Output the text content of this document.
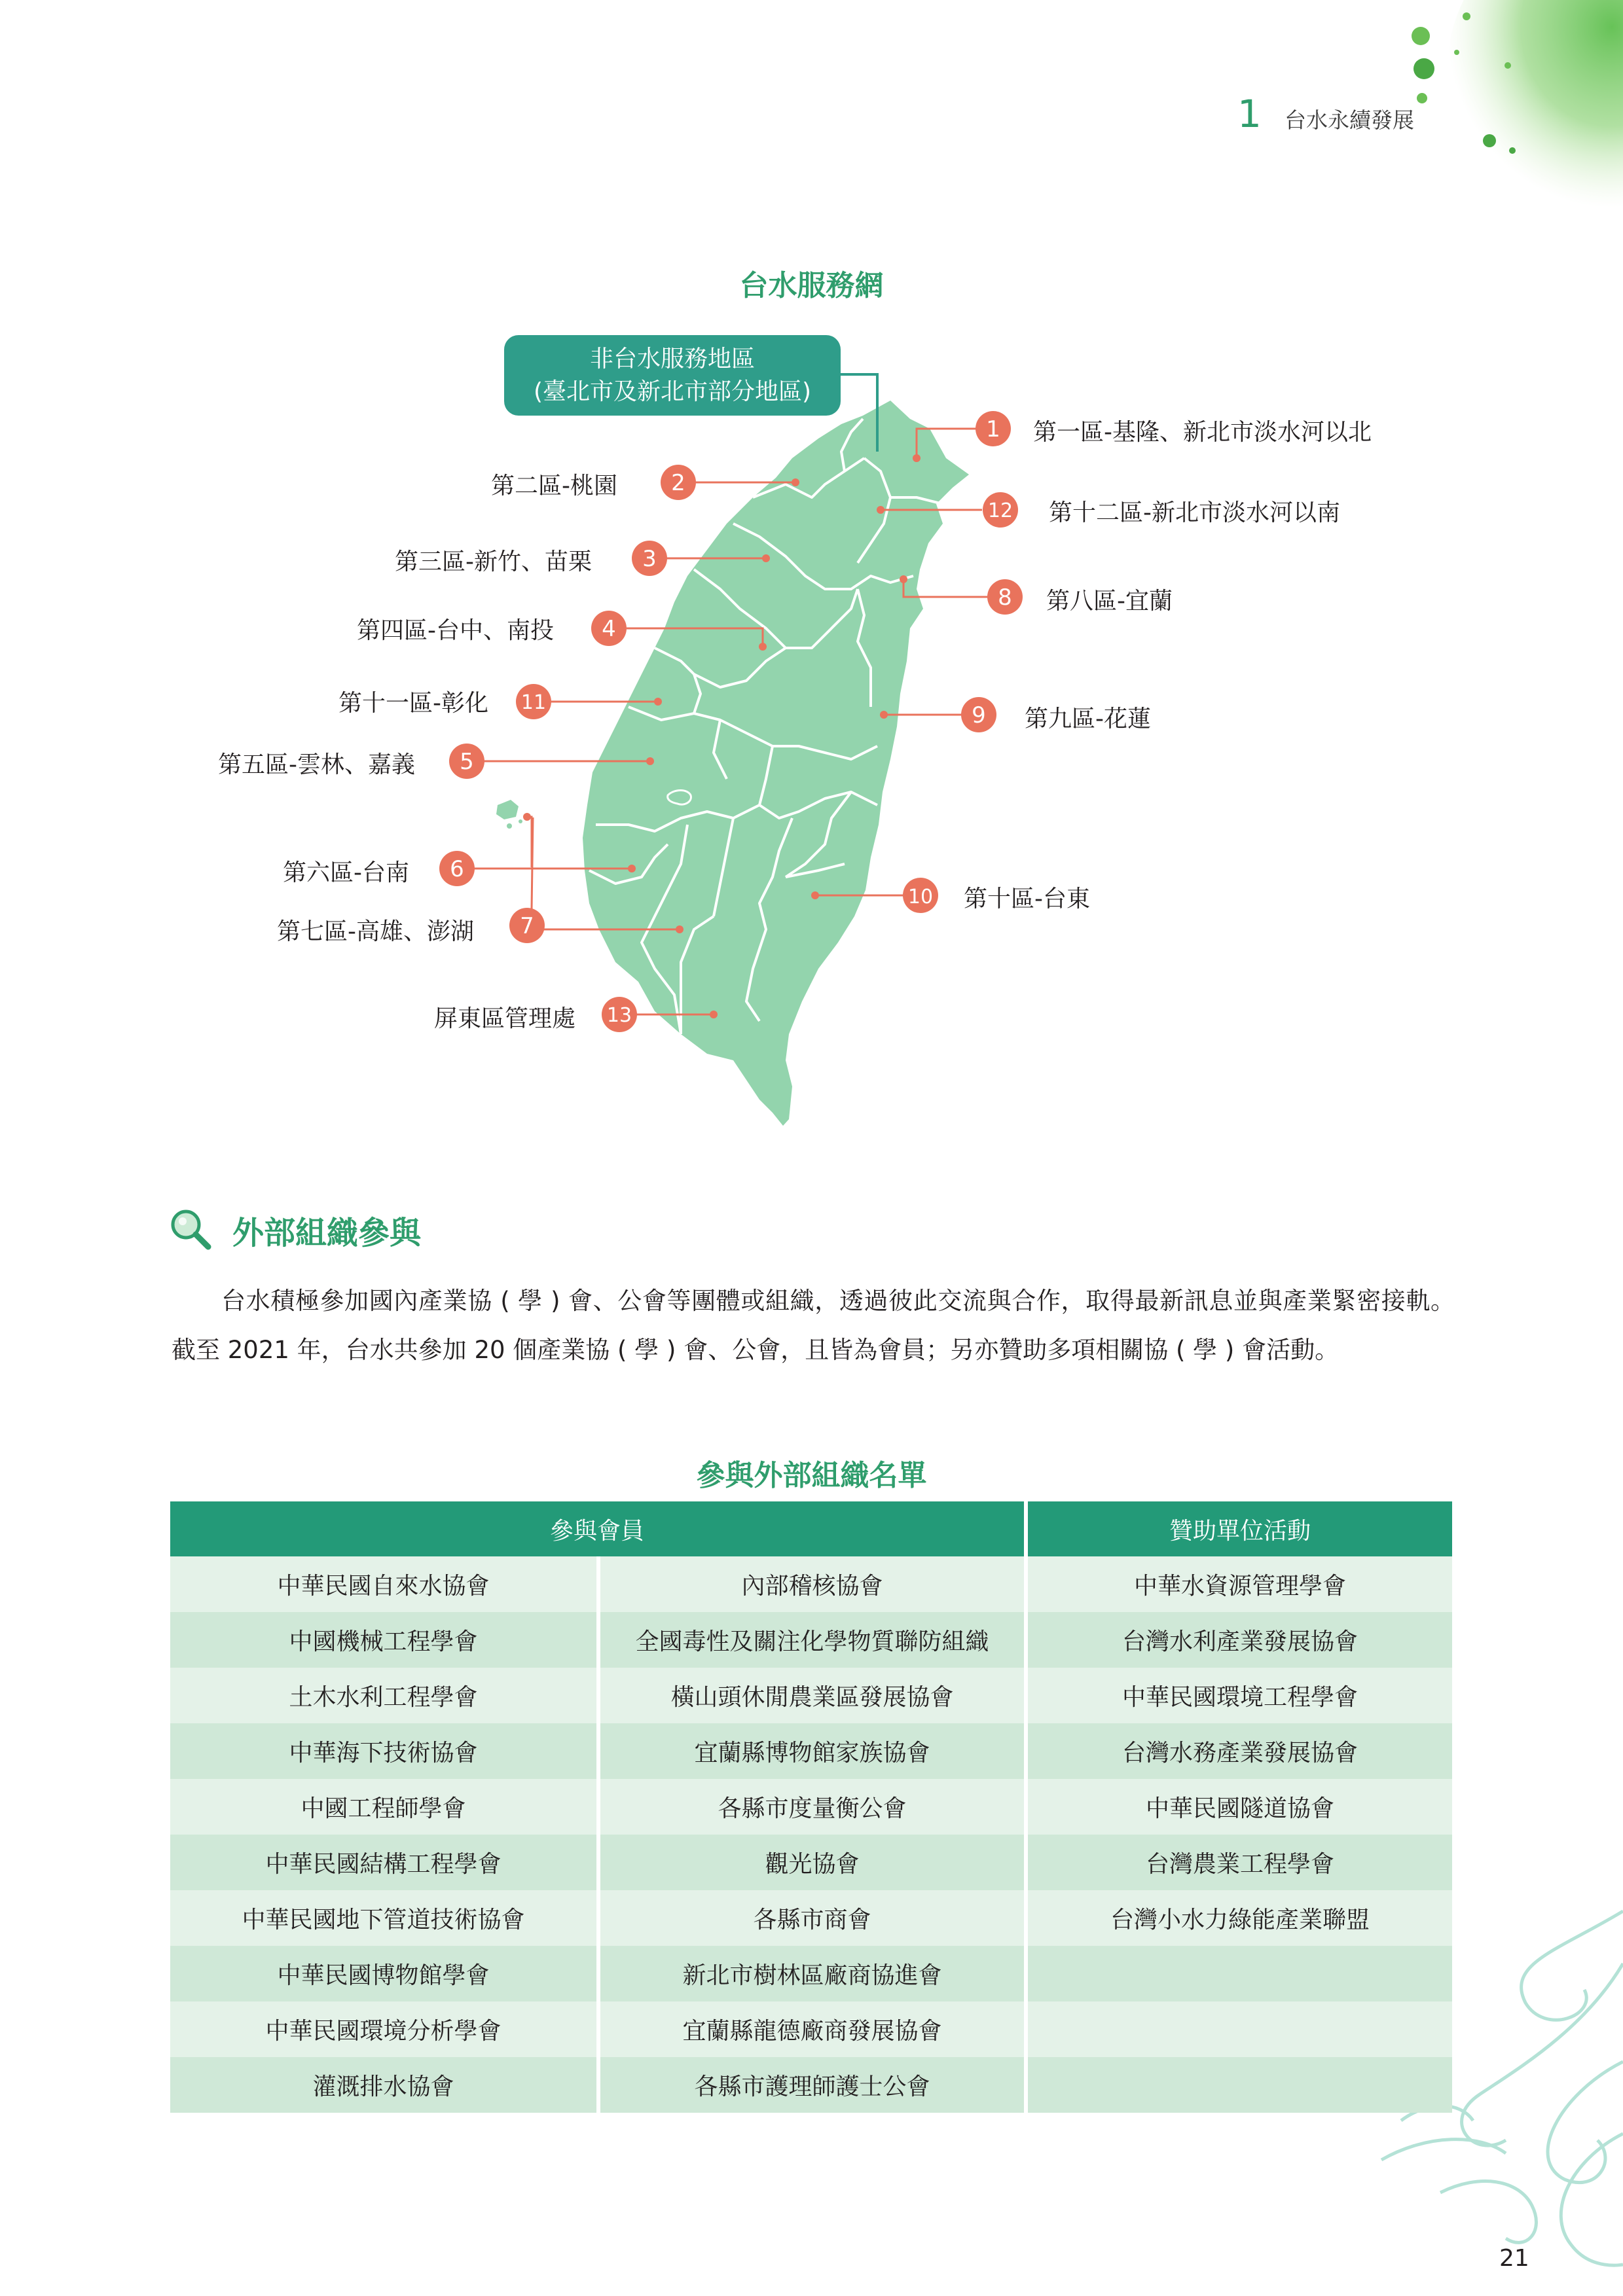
1 台水永續發展
台水服務網
1
2
3
4
5
6
7
8
9
10
11
12
13
非台水服務地區
(臺北市及新北市部分地區)
第一區-基隆、新北市淡水河以北
第二區-桃園
第三區-新竹、苗栗
第四區-台中、南投
第五區-雲林、嘉義
第六區-台南
第七區-高雄、澎湖
第八區-宜蘭
第九區-花蓮
第十區-台東
第十一區-彰化
第十二區-新北市淡水河以南
屏東區管理處
外部組織參與

台水積極參加國內產業協 ( 學 ) 會、公會等團體或組織，透過彼此交流與合作，取得最新訊息並與產業緊密接軌。截至 2021 年，台水共參加 20 個產業協 ( 學 ) 會、公會，且皆為會員；另亦贊助多項相關協 ( 學 ) 會活動。

參與外部組織名單
參與會員		贊助單位活動
中華民國自來水協會	內部稽核協會	中華水資源管理學會
中國機械工程學會	全國毒性及關注化學物質聯防組織	台灣水利產業發展協會
土木水利工程學會	橫山頭休閒農業區發展協會	中華民國環境工程學會
中華海下技術協會	宜蘭縣博物館家族協會	台灣水務產業發展協會
中國工程師學會	各縣市度量衡公會	中華民國隧道協會
中華民國結構工程學會	觀光協會	台灣農業工程學會
中華民國地下管道技術協會	各縣市商會	台灣小水力綠能產業聯盟
中華民國博物館學會	新北市樹林區廠商協進會	
中華民國環境分析學會	宜蘭縣龍德廠商發展協會	
灌溉排水協會	各縣市護理師護士公會	
21
